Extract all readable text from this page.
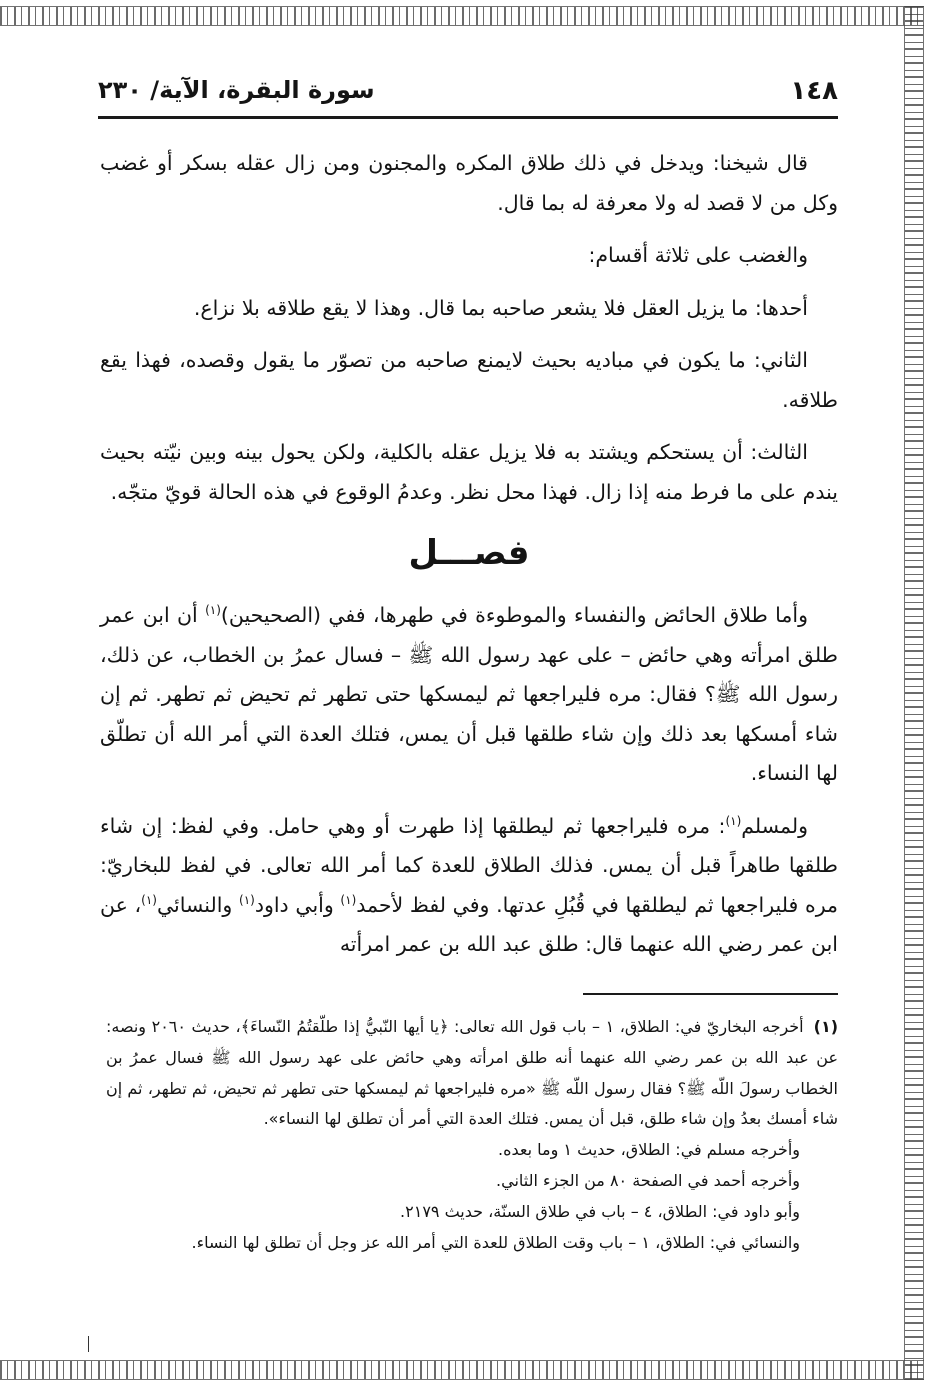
١٤٨
سورة البقرة، الآية/ ٢٣٠

قال شيخنا: ويدخل في ذلك طلاق المكره والمجنون ومن زال عقله بسكر أو غضب وكل من لا قصد له ولا معرفة له بما قال.

والغضب على ثلاثة أقسام:

أحدها: ما يزيل العقل فلا يشعر صاحبه بما قال. وهذا لا يقع طلاقه بلا نزاع.

الثاني: ما يكون في مباديه بحيث لايمنع صاحبه من تصوّر ما يقول وقصده، فهذا يقع طلاقه.

الثالث: أن يستحكم ويشتد به فلا يزيل عقله بالكلية، ولكن يحول بينه وبين نيّته بحيث يندم على ما فرط منه إذا زال. فهذا محل نظر. وعدمُ الوقوع في هذه الحالة قويّ متجّه.

فصـــل

وأما طلاق الحائض والنفساء والموطوءة في طهرها، ففي (الصحيحين)$^{(١)}$ أن ابن عمر طلق امرأته وهي حائض – على عهد رسول الله ﷺ – فسال عمرُ بن الخطاب، عن ذلك، رسول الله ﷺ؟ فقال: مره فليراجعها ثم ليمسكها حتى تطهر ثم تحيض ثم تطهر. ثم إن شاء أمسكها بعد ذلك وإن شاء طلقها قبل أن يمس، فتلك العدة التي أمر الله أن تطلّق لها النساء.

ولمسلم$^{(١)}$: مره فليراجعها ثم ليطلقها إذا طهرت أو وهي حامل. وفي لفظ: إن شاء طلقها طاهراً قبل أن يمس. فذلك الطلاق للعدة كما أمر الله تعالى. في لفظ للبخاريّ: مره فليراجعها ثم ليطلقها في قُبُلِ عدتها. وفي لفظ لأحمد$^{(١)}$ وأبي داود$^{(١)}$ والنسائي$^{(١)}$، عن ابن عمر رضي الله عنهما قال: طلق عبد الله بن عمر امرأته

(١)أخرجه البخاريّ في: الطلاق، ١ – باب قول الله تعالى: ﴿يا أيها النّبيُّ إذا طلّقتُمُ النّساءَ﴾، حديث ٢٠٦٠ ونصه: عن عبد الله بن عمر رضي الله عنهما أنه طلق امرأته وهي حائض على عهد رسول الله ﷺ فسال عمرُ بن الخطاب رسولَ اللّه ﷺ؟ فقال رسول اللّه ﷺ «مره فليراجعها ثم ليمسكها حتى تطهر ثم تحيض، ثم تطهر، ثم إن شاء أمسك بعدُ وإن شاء طلق، قبل أن يمس. فتلك العدة التي أمر أن تطلق لها النساء».

وأخرجه مسلم في: الطلاق، حديث ١ وما بعده.

وأخرجه أحمد في الصفحة ٨٠ من الجزء الثاني.

وأبو داود في: الطلاق، ٤ – باب في طلاق السنّة، حديث ٢١٧٩.

والنسائي في: الطلاق، ١ – باب وقت الطلاق للعدة التي أمر الله عز وجل أن تطلق لها النساء.
